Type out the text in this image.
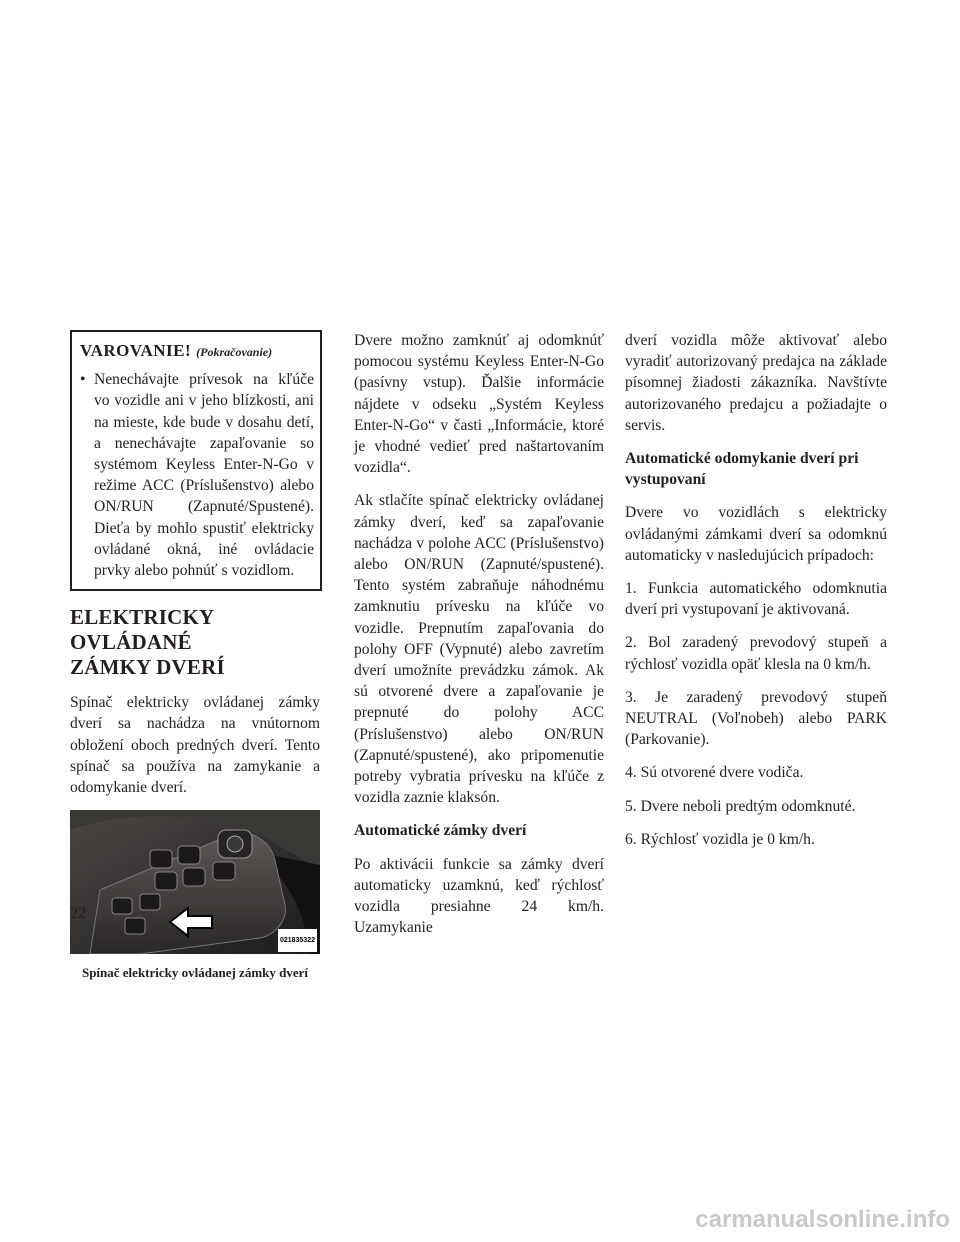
VAROVANIE! (Pokračovanie)
• Nenechávajte prívesok na kľúče vo vozidle ani v jeho blízkosti, ani na mieste, kde bude v dosahu detí, a nenechávajte zapaľovanie so systémom Keyless Enter-N-Go v režime ACC (Príslušenstvo) alebo ON/RUN (Zapnuté/Spustené). Dieťa by mohlo spustiť elektricky ovládané okná, iné ovládacie prvky alebo pohnúť s vozidlom.
ELEKTRICKY OVLÁDANÉ
ZÁMKY DVERÍ

Spínač elektricky ovládanej zámky dverí sa nachádza na vnútornom obložení oboch predných dverí. Tento spínač sa používa na zamykanie a odomykanie dverí.

021835322
Spínač elektricky ovládanej zámky dverí

Dvere možno zamknúť aj odomknúť pomocou systému Keyless Enter-N-Go (pasívny vstup). Ďalšie informácie nájdete v odseku „Systém Keyless Enter-N-Go“ v časti „Informácie, ktoré je vhodné vedieť pred naštartovaním vozidla“.

Ak stlačíte spínač elektricky ovládanej zámky dverí, keď sa zapaľovanie nachádza v polohe ACC (Príslušenstvo) alebo ON/RUN (Zapnuté/spustené). Tento systém zabraňuje náhodnému zamknutiu prívesku na kľúče vo vozidle. Prepnutím zapaľovania do polohy OFF (Vypnuté) alebo zavretím dverí umožníte prevádzku zámok. Ak sú otvorené dvere a zapaľovanie je prepnuté do polohy ACC (Príslušenstvo) alebo ON/RUN (Zapnuté/spustené), ako pripomenutie potreby vybratia prívesku na kľúče z vozidla zaznie klaksón.

Automatické zámky dverí

Po aktivácii funkcie sa zámky dverí automaticky uzamknú, keď rýchlosť vozidla presiahne 24 km/h. Uzamykanie

dverí vozidla môže aktivovať alebo vyradiť autorizovaný predajca na základe písomnej žiadosti zákazníka. Navštívte autorizovaného predajcu a požiadajte o servis.

Automatické odomykanie dverí pri vystupovaní

Dvere vo vozidlách s elektricky ovládanými zámkami dverí sa odomknú automaticky v nasledujúcich prípadoch:

1. Funkcia automatického odomknutia dverí pri vystupovaní je aktivovaná.

2. Bol zaradený prevodový stupeň a rýchlosť vozidla opäť klesla na 0 km/h.

3. Je zaradený prevodový stupeň NEUTRAL (Voľnobeh) alebo PARK (Parkovanie).

4. Sú otvorené dvere vodiča.

5. Dvere neboli predtým odomknuté.

6. Rýchlosť vozidla je 0 km/h.

22
carmanualsonline.info
